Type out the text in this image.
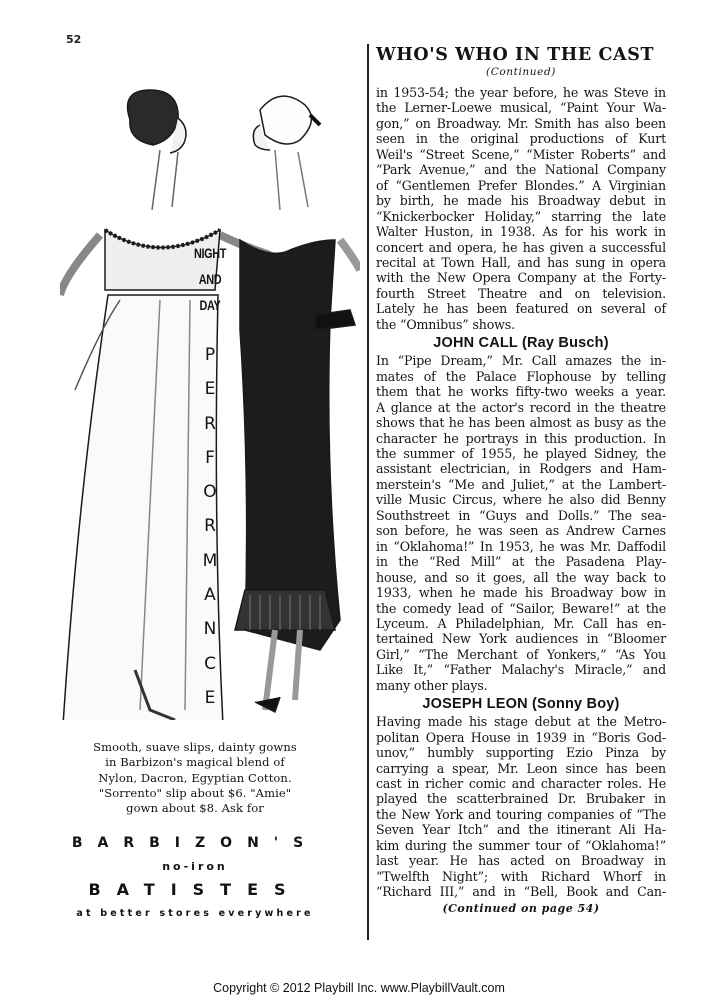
52
NIGHT
AND
DAY
P
E
R
F
O
R
M
A
N
C
E
Smooth, suave slips, dainty gowns
in Barbizon's magical blend of
Nylon, Dacron, Egyptian Cotton.
"Sorrento" slip about $6. "Amie"
gown about $8. Ask for
BARBIZON'S
no-iron
BATISTES
at better stores everywhere
WHO'S WHO IN THE CAST
(Continued)

in 1953-54; the year before, he was Steve in
the Lerner-Loewe musical, “Paint Your Wa-
gon,” on Broadway. Mr. Smith has also been
seen in the original productions of Kurt
Weil's “Street Scene,” “Mister Roberts” and
“Park Avenue,” and the National Company
of “Gentlemen Prefer Blondes.” A Virginian
by birth, he made his Broadway debut in
“Knickerbocker Holiday,” starring the late
Walter Huston, in 1938. As for his work in
concert and opera, he has given a successful
recital at Town Hall, and has sung in opera
with the New Opera Company at the Forty-
fourth Street Theatre and on television.
Lately he has been featured on several of
the “Omnibus” shows.

JOHN CALL (Ray Busch)

In “Pipe Dream,” Mr. Call amazes the in-
mates of the Palace Flophouse by telling
them that he works fifty-two weeks a year.
A glance at the actor's record in the theatre
shows that he has been almost as busy as the
character he portrays in this production. In
the summer of 1955, he played Sidney, the
assistant electrician, in Rodgers and Ham-
merstein's “Me and Juliet,” at the Lambert-
ville Music Circus, where he also did Benny
Southstreet in “Guys and Dolls.” The sea-
son before, he was seen as Andrew Carnes
in “Oklahoma!” In 1953, he was Mr. Daffodil
in the “Red Mill” at the Pasadena Play-
house, and so it goes, all the way back to
1933, when he made his Broadway bow in
the comedy lead of “Sailor, Beware!” at the
Lyceum. A Philadelphian, Mr. Call has en-
tertained New York audiences in “Bloomer
Girl,” “The Merchant of Yonkers,” “As You
Like It,” “Father Malachy's Miracle,” and
many other plays.

JOSEPH LEON (Sonny Boy)

Having made his stage debut at the Metro-
politan Opera House in 1939 in “Boris God-
unov,” humbly supporting Ezio Pinza by
carrying a spear, Mr. Leon since has been
cast in richer comic and character roles. He
played the scatterbrained Dr. Brubaker in
the New York and touring companies of “The
Seven Year Itch” and the itinerant Ali Ha-
kim during the summer tour of “Oklahoma!”
last year. He has acted on Broadway in
“Twelfth Night”; with Richard Whorf in
“Richard III,” and in “Bell, Book and Can-

(Continued on page 54)
Copyright © 2012 Playbill Inc. www.PlaybillVault.com
